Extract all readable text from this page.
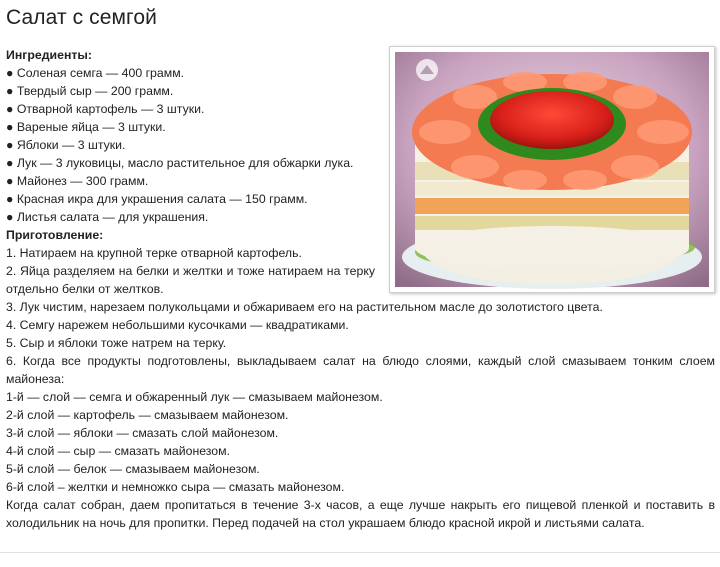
Салат с семгой

Ингредиенты:

● Соленая семга — 400 грамм.

● Твердый сыр — 200 грамм.

● Отварной картофель — 3 штуки.

● Вареные яйца — 3 штуки.

● Яблоки — 3 штуки.

● Лук — 3 луковицы, масло растительное для обжарки лука.

● Майонез — 300 грамм.

● Красная икра для украшения салата — 150 грамм.

● Листья салата — для украшения.

Приготовление:

1. Натираем на крупной терке отварной картофель.

2. Яйца разделяем на белки и желтки и тоже натираем на терку отдельно белки от желтков.

3. Лук чистим, нарезаем полукольцами и обжариваем его на растительном масле до золотистого цвета.

4. Семгу нарежем небольшими кусочками — квадратиками.

5. Сыр и яблоки тоже натрем на терку.

6. Когда все продукты подготовлены, выкладываем салат на блюдо слоями, каждый слой смазываем тонким слоем майонеза:

1-й — слой — семга и обжаренный лук — смазываем майонезом.

2-й слой — картофель — смазываем майонезом.

3-й слой — яблоки — смазать слой майонезом.

4-й слой — сыр — смазать майонезом.

5-й слой — белок — смазываем майонезом.

6-й слой – желтки и немножко сыра — смазать майонезом.

Когда салат собран, даем пропитаться в течение 3-х часов, а еще лучше накрыть его пищевой пленкой и поставить в холодильник на ночь для пропитки. Перед подачей на стол украшаем блюдо красной икрой и листьями салата.
